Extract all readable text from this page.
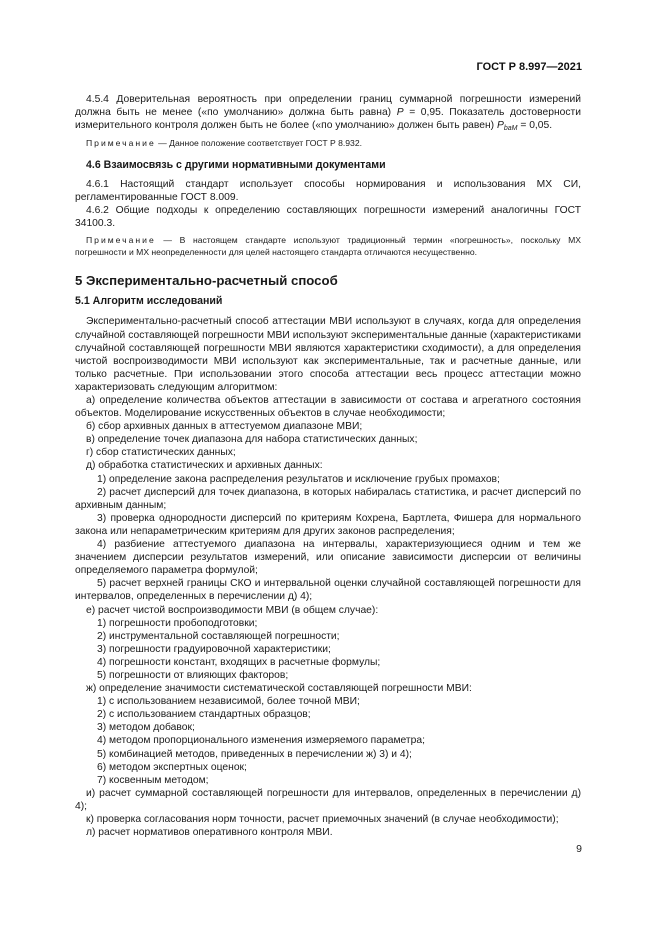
ГОСТ Р 8.997—2021

4.5.4 Доверительная вероятность при определении границ суммарной погрешности измерений должна быть не менее («по умолчанию» должна быть равна) P = 0,95. Показатель достоверности измерительного контроля должен быть не более («по умолчанию» должен быть равен) $P_{baM} = 0,05$.

Примечание — Данное положение соответствует ГОСТ Р 8.932.

4.6 Взаимосвязь с другими нормативными документами

4.6.1 Настоящий стандарт использует способы нормирования и использования МХ СИ, регламентированные ГОСТ 8.009.

4.6.2 Общие подходы к определению составляющих погрешности измерений аналогичны ГОСТ 34100.3.

Примечание — В настоящем стандарте используют традиционный термин «погрешность», поскольку МХ погрешности и МХ неопределенности для целей настоящего стандарта отличаются несущественно.

5 Экспериментально-расчетный способ
5.1 Алгоритм исследований

Экспериментально-расчетный способ аттестации МВИ используют в случаях, когда для определения случайной составляющей погрешности МВИ используют экспериментальные данные (характеристиками случайной составляющей погрешности МВИ являются характеристики сходимости), а для определения чистой воспроизводимости МВИ используют как экспериментальные, так и расчетные данные, или только расчетные. При использовании этого способа аттестации весь процесс аттестации можно характеризовать следующим алгоритмом:

а) определение количества объектов аттестации в зависимости от состава и агрегатного состояния объектов. Моделирование искусственных объектов в случае необходимости;

б) сбор архивных данных в аттестуемом диапазоне МВИ;

в) определение точек диапазона для набора статистических данных;

г) сбор статистических данных;

д) обработка статистических и архивных данных:

1) определение закона распределения результатов и исключение грубых промахов;

2) расчет дисперсий для точек диапазона, в которых набиралась статистика, и расчет дисперсий по архивным данным;

3) проверка однородности дисперсий по критериям Кохрена, Бартлета, Фишера для нормального закона или непараметрическим критериям для других законов распределения;

4) разбиение аттестуемого диапазона на интервалы, характеризующиеся одним и тем же значением дисперсии результатов измерений, или описание зависимости дисперсии от величины определяемого параметра формулой;

5) расчет верхней границы СКО и интервальной оценки случайной составляющей погрешности для интервалов, определенных в перечислении д) 4);

е) расчет чистой воспроизводимости МВИ (в общем случае):

1) погрешности пробоподготовки;

2) инструментальной составляющей погрешности;

3) погрешности градуировочной характеристики;

4) погрешности констант, входящих в расчетные формулы;

5) погрешности от влияющих факторов;

ж) определение значимости систематической составляющей погрешности МВИ:

1) с использованием независимой, более точной МВИ;

2) с использованием стандартных образцов;

3) методом добавок;

4) методом пропорционального изменения измеряемого параметра;

5) комбинацией методов, приведенных в перечислении ж) 3) и 4);

6) методом экспертных оценок;

7) косвенным методом;

и) расчет суммарной составляющей погрешности для интервалов, определенных в перечислении д) 4);

к) проверка согласования норм точности, расчет приемочных значений (в случае необходимости);

л) расчет нормативов оперативного контроля МВИ.

9
